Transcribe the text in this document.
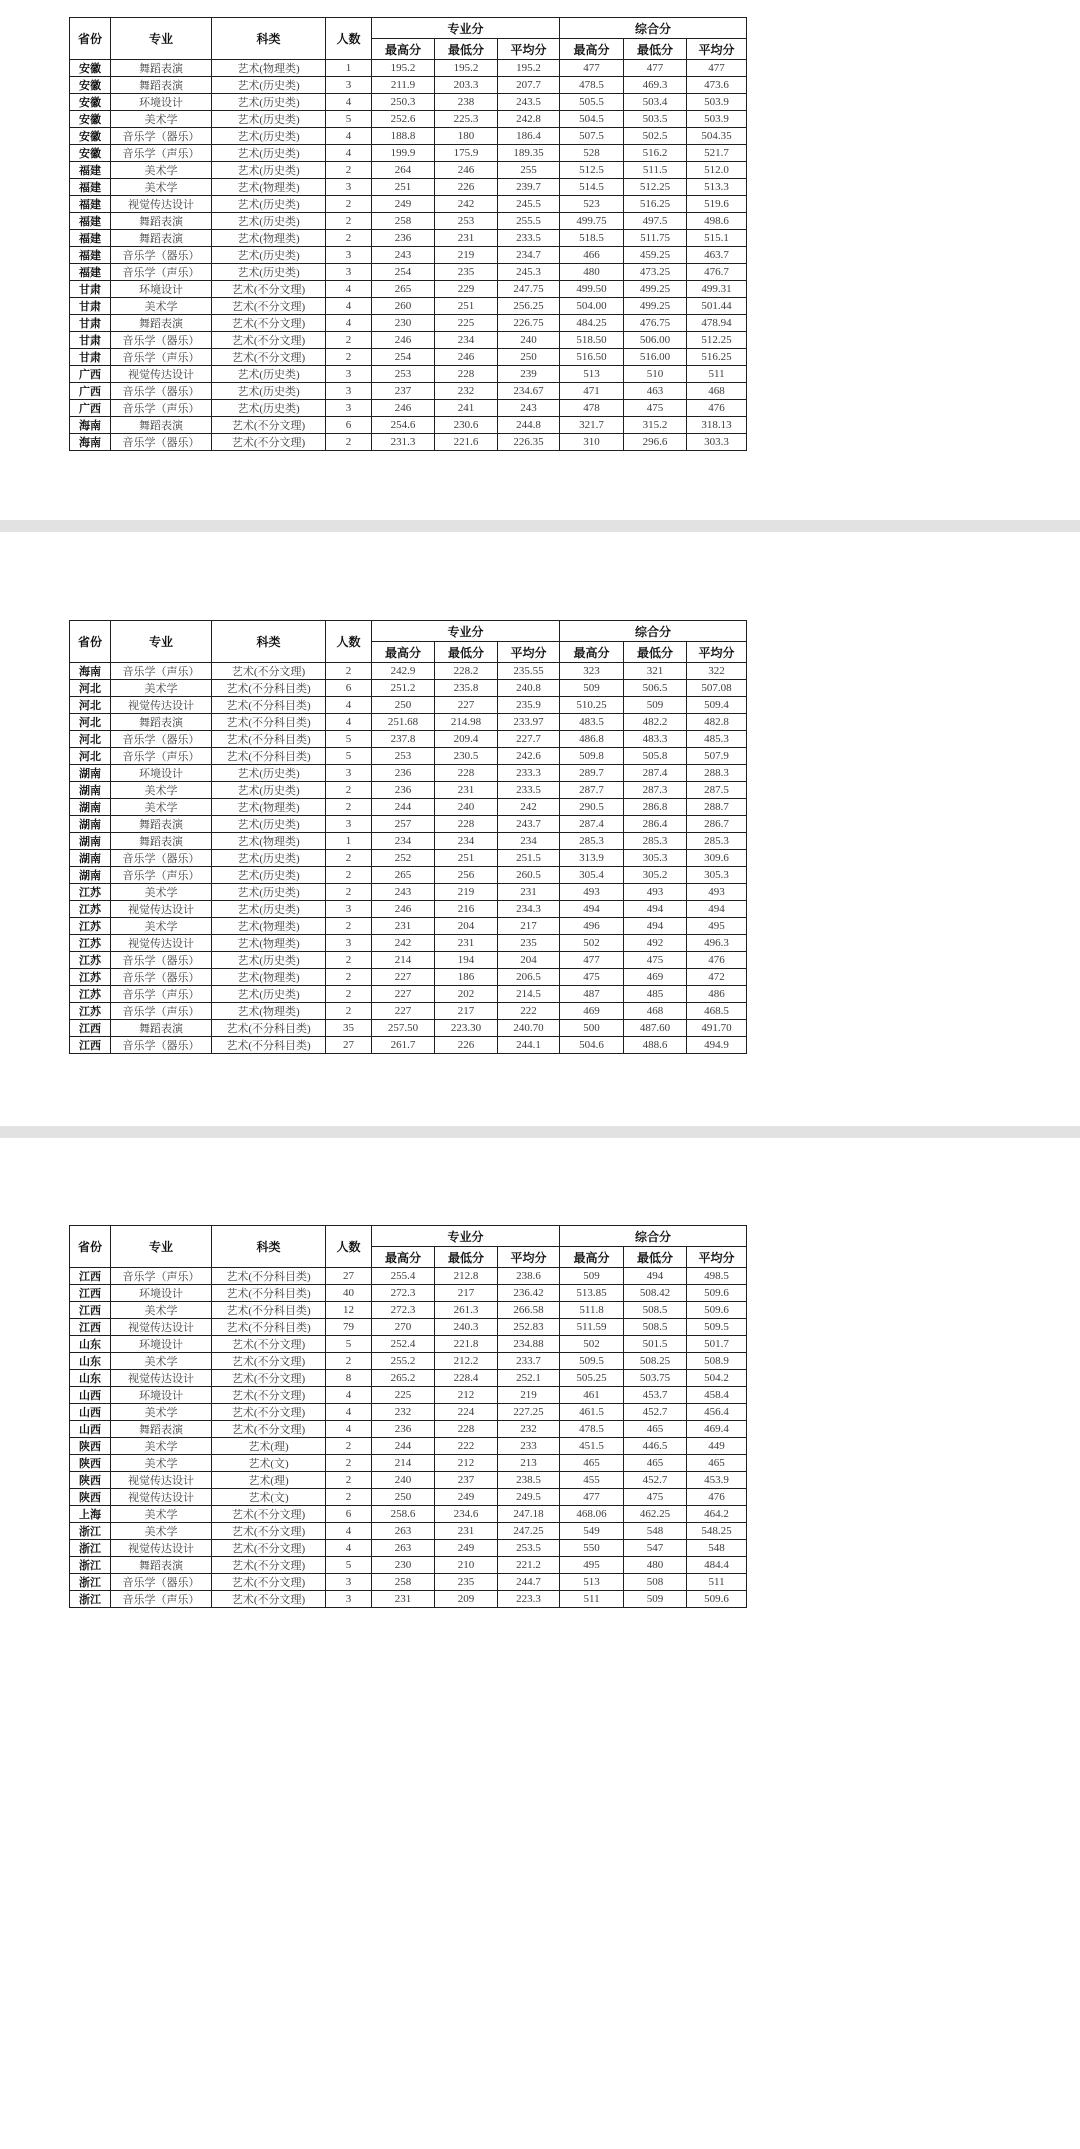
省份	专业	科类	人数	专业分			综合分		
				最高分	最低分	平均分	最高分	最低分	平均分
安徽	舞蹈表演	艺术(物理类)	1	195.2	195.2	195.2	477	477	477
安徽	舞蹈表演	艺术(历史类)	3	211.9	203.3	207.7	478.5	469.3	473.6
安徽	环境设计	艺术(历史类)	4	250.3	238	243.5	505.5	503.4	503.9
安徽	美术学	艺术(历史类)	5	252.6	225.3	242.8	504.5	503.5	503.9
安徽	音乐学（器乐）	艺术(历史类)	4	188.8	180	186.4	507.5	502.5	504.35
安徽	音乐学（声乐）	艺术(历史类)	4	199.9	175.9	189.35	528	516.2	521.7
福建	美术学	艺术(历史类)	2	264	246	255	512.5	511.5	512.0
福建	美术学	艺术(物理类)	3	251	226	239.7	514.5	512.25	513.3
福建	视觉传达设计	艺术(历史类)	2	249	242	245.5	523	516.25	519.6
福建	舞蹈表演	艺术(历史类)	2	258	253	255.5	499.75	497.5	498.6
福建	舞蹈表演	艺术(物理类)	2	236	231	233.5	518.5	511.75	515.1
福建	音乐学（器乐）	艺术(历史类)	3	243	219	234.7	466	459.25	463.7
福建	音乐学（声乐）	艺术(历史类)	3	254	235	245.3	480	473.25	476.7
甘肃	环境设计	艺术(不分文理)	4	265	229	247.75	499.50	499.25	499.31
甘肃	美术学	艺术(不分文理)	4	260	251	256.25	504.00	499.25	501.44
甘肃	舞蹈表演	艺术(不分文理)	4	230	225	226.75	484.25	476.75	478.94
甘肃	音乐学（器乐）	艺术(不分文理)	2	246	234	240	518.50	506.00	512.25
甘肃	音乐学（声乐）	艺术(不分文理)	2	254	246	250	516.50	516.00	516.25
广西	视觉传达设计	艺术(历史类)	3	253	228	239	513	510	511
广西	音乐学（器乐）	艺术(历史类)	3	237	232	234.67	471	463	468
广西	音乐学（声乐）	艺术(历史类)	3	246	241	243	478	475	476
海南	舞蹈表演	艺术(不分文理)	6	254.6	230.6	244.8	321.7	315.2	318.13
海南	音乐学（器乐）	艺术(不分文理)	2	231.3	221.6	226.35	310	296.6	303.3
省份	专业	科类	人数	专业分			综合分		
				最高分	最低分	平均分	最高分	最低分	平均分
海南	音乐学（声乐）	艺术(不分文理)	2	242.9	228.2	235.55	323	321	322
河北	美术学	艺术(不分科目类)	6	251.2	235.8	240.8	509	506.5	507.08
河北	视觉传达设计	艺术(不分科目类)	4	250	227	235.9	510.25	509	509.4
河北	舞蹈表演	艺术(不分科目类)	4	251.68	214.98	233.97	483.5	482.2	482.8
河北	音乐学（器乐）	艺术(不分科目类)	5	237.8	209.4	227.7	486.8	483.3	485.3
河北	音乐学（声乐）	艺术(不分科目类)	5	253	230.5	242.6	509.8	505.8	507.9
湖南	环境设计	艺术(历史类)	3	236	228	233.3	289.7	287.4	288.3
湖南	美术学	艺术(历史类)	2	236	231	233.5	287.7	287.3	287.5
湖南	美术学	艺术(物理类)	2	244	240	242	290.5	286.8	288.7
湖南	舞蹈表演	艺术(历史类)	3	257	228	243.7	287.4	286.4	286.7
湖南	舞蹈表演	艺术(物理类)	1	234	234	234	285.3	285.3	285.3
湖南	音乐学（器乐）	艺术(历史类)	2	252	251	251.5	313.9	305.3	309.6
湖南	音乐学（声乐）	艺术(历史类)	2	265	256	260.5	305.4	305.2	305.3
江苏	美术学	艺术(历史类)	2	243	219	231	493	493	493
江苏	视觉传达设计	艺术(历史类)	3	246	216	234.3	494	494	494
江苏	美术学	艺术(物理类)	2	231	204	217	496	494	495
江苏	视觉传达设计	艺术(物理类)	3	242	231	235	502	492	496.3
江苏	音乐学（器乐）	艺术(历史类)	2	214	194	204	477	475	476
江苏	音乐学（器乐）	艺术(物理类)	2	227	186	206.5	475	469	472
江苏	音乐学（声乐）	艺术(历史类)	2	227	202	214.5	487	485	486
江苏	音乐学（声乐）	艺术(物理类)	2	227	217	222	469	468	468.5
江西	舞蹈表演	艺术(不分科目类)	35	257.50	223.30	240.70	500	487.60	491.70
江西	音乐学（器乐）	艺术(不分科目类)	27	261.7	226	244.1	504.6	488.6	494.9
省份	专业	科类	人数	专业分			综合分		
				最高分	最低分	平均分	最高分	最低分	平均分
江西	音乐学（声乐）	艺术(不分科目类)	27	255.4	212.8	238.6	509	494	498.5
江西	环境设计	艺术(不分科目类)	40	272.3	217	236.42	513.85	508.42	509.6
江西	美术学	艺术(不分科目类)	12	272.3	261.3	266.58	511.8	508.5	509.6
江西	视觉传达设计	艺术(不分科目类)	79	270	240.3	252.83	511.59	508.5	509.5
山东	环境设计	艺术(不分文理)	5	252.4	221.8	234.88	502	501.5	501.7
山东	美术学	艺术(不分文理)	2	255.2	212.2	233.7	509.5	508.25	508.9
山东	视觉传达设计	艺术(不分文理)	8	265.2	228.4	252.1	505.25	503.75	504.2
山西	环境设计	艺术(不分文理)	4	225	212	219	461	453.7	458.4
山西	美术学	艺术(不分文理)	4	232	224	227.25	461.5	452.7	456.4
山西	舞蹈表演	艺术(不分文理)	4	236	228	232	478.5	465	469.4
陕西	美术学	艺术(理)	2	244	222	233	451.5	446.5	449
陕西	美术学	艺术(文)	2	214	212	213	465	465	465
陕西	视觉传达设计	艺术(理)	2	240	237	238.5	455	452.7	453.9
陕西	视觉传达设计	艺术(文)	2	250	249	249.5	477	475	476
上海	美术学	艺术(不分文理)	6	258.6	234.6	247.18	468.06	462.25	464.2
浙江	美术学	艺术(不分文理)	4	263	231	247.25	549	548	548.25
浙江	视觉传达设计	艺术(不分文理)	4	263	249	253.5	550	547	548
浙江	舞蹈表演	艺术(不分文理)	5	230	210	221.2	495	480	484.4
浙江	音乐学（器乐）	艺术(不分文理)	3	258	235	244.7	513	508	511
浙江	音乐学（声乐）	艺术(不分文理)	3	231	209	223.3	511	509	509.6
